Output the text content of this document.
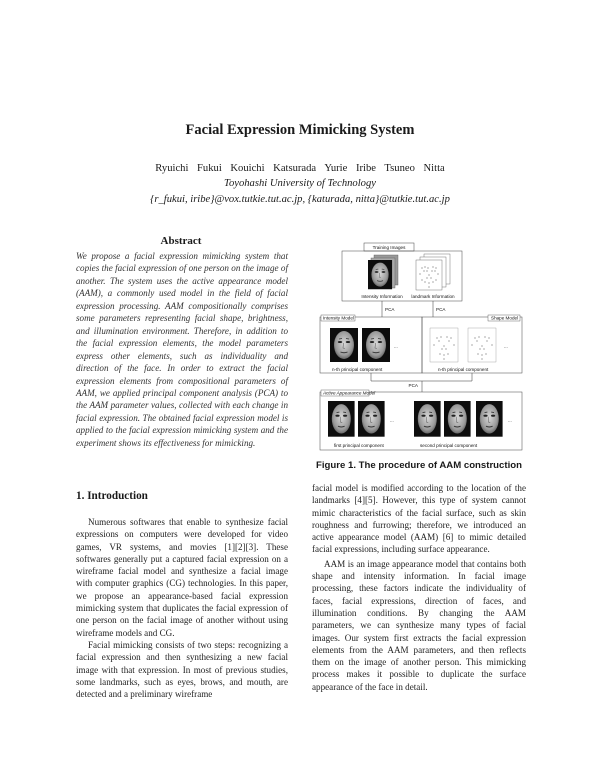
Facial Expression Mimicking System
Ryuichi Fukui Kouichi Katsurada Yurie Iribe Tsuneo Nitta
Toyohashi University of Technology
{r_fukui, iribe}@vox.tutkie.tut.ac.jp, {katurada, nitta}@tutkie.tut.ac.jp
Abstract
We propose a facial expression mimicking system that copies the facial expression of one person on the image of another. The system uses the active appearance model (AAM), a commonly used model in the field of facial expression processing. AAM compositionally comprises some parameters representing facial shape, brightness, and illumination environment. Therefore, in addition to the facial expression elements, the model parameters express other elements, such as individuality and direction of the face. In order to extract the facial expression elements from compositional parameters of AAM, we applied principal component analysis (PCA) to the AAM parameter values, collected with each change in facial expression. The obtained facial expression model is applied to the facial expression mimicking system and the experiment shows its effectiveness for mimicking.
1. Introduction

Numerous softwares that enable to synthesize facial expressions on computers were developed for video games, VR systems, and movies [1][2][3]. These softwares generally put a captured facial expression on a wireframe facial model and synthesize a facial image with computer graphics (CG) technologies. In this paper, we propose an appearance-based facial expression mimicking system that duplicates the facial expression of one person on the facial image of another without using wireframe models and CG.

Facial mimicking consists of two steps: recognizing a facial expression and then synthesizing a new facial image with that expression. In most of previous studies, some landmarks, such as eyes, brows, and mouth, are detected and a preliminary wireframe

facial model is modified according to the location of the landmarks [4][5]. However, this type of system cannot mimic characteristics of the facial surface, such as skin roughness and furrowing; therefore, we introduced an active appearance model (AAM) [6] to mimic detailed facial expressions, including surface appearance.

AAM is an image appearance model that contains both shape and intensity information. In facial image processing, these factors indicate the individuality of faces, facial expressions, direction of faces, and illumination conditions. By changing the AAM parameters, we can synthesize many types of facial images. Our system first extracts the facial expression elements from the AAM parameters, and then reflects them on the image of another person. This mimicking process makes it possible to duplicate the surface appearance of the face in detail.

Training Images
Intensity Information landmark Information
PCA	PCA
Intensity Model
...
n-th principal component
Shape Model
...
n-th principal component
PCA
Active Appearance Model
...	...
first principal component	second principal component
Figure 1. The procedure of AAM construction
